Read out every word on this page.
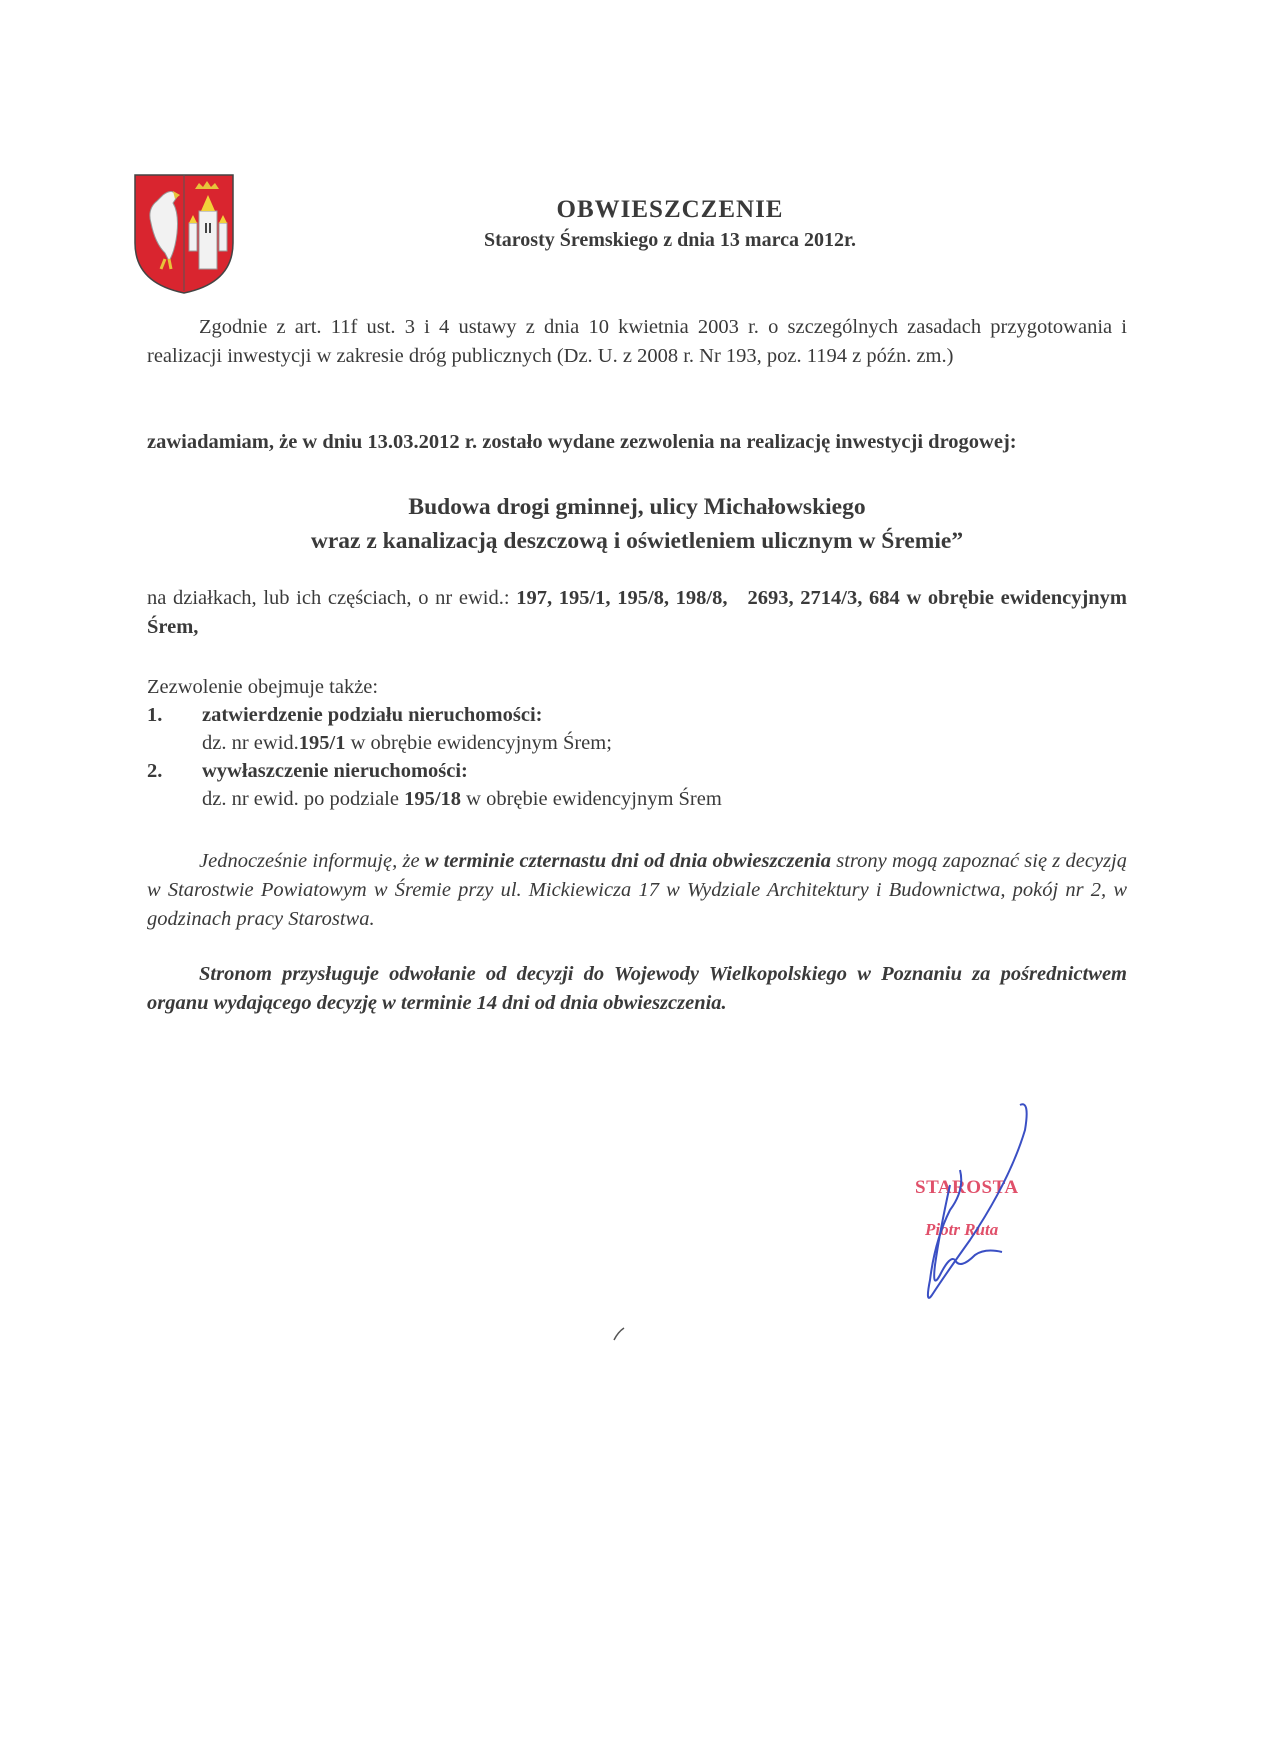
OBWIESZCZENIE
Starosty Śremskiego z dnia 13 marca 2012r.
Zgodnie z art. 11f ust. 3 i 4 ustawy z dnia 10 kwietnia 2003 r. o szczególnych zasadach przygotowania i realizacji inwestycji w zakresie dróg publicznych (Dz. U. z 2008 r. Nr 193, poz. 1194 z późn. zm.)
zawiadamiam, że w dniu 13.03.2012 r. zostało wydane zezwolenia na realizację inwestycji drogowej:
Budowa drogi gminnej, ulicy Michałowskiego
wraz z kanalizacją deszczową i oświetleniem ulicznym w Śremie”
na działkach, lub ich częściach, o nr ewid.: 197, 195/1, 195/8, 198/8,   2693, 2714/3, 684 w obrębie ewidencyjnym Śrem,
Zezwolenie obejmuje także:
1.	zatwierdzenie podziału nieruchomości:
dz. nr ewid.195/1 w obrębie ewidencyjnym Śrem;
2.	wywłaszczenie nieruchomości:
dz. nr ewid. po podziale 195/18 w obrębie ewidencyjnym Śrem
Jednocześnie informuję, że w terminie czternastu dni od dnia obwieszczenia strony mogą zapoznać się z decyzją w Starostwie Powiatowym w Śremie przy ul. Mickiewicza 17 w Wydziale Architektury i Budownictwa, pokój nr 2, w godzinach pracy Starostwa.
Stronom przysługuje odwołanie od decyzji do Wojewody Wielkopolskiego w Poznaniu za pośrednictwem organu wydającego decyzję w terminie 14 dni od dnia obwieszczenia.
STAROSTA
Piotr Ruta
